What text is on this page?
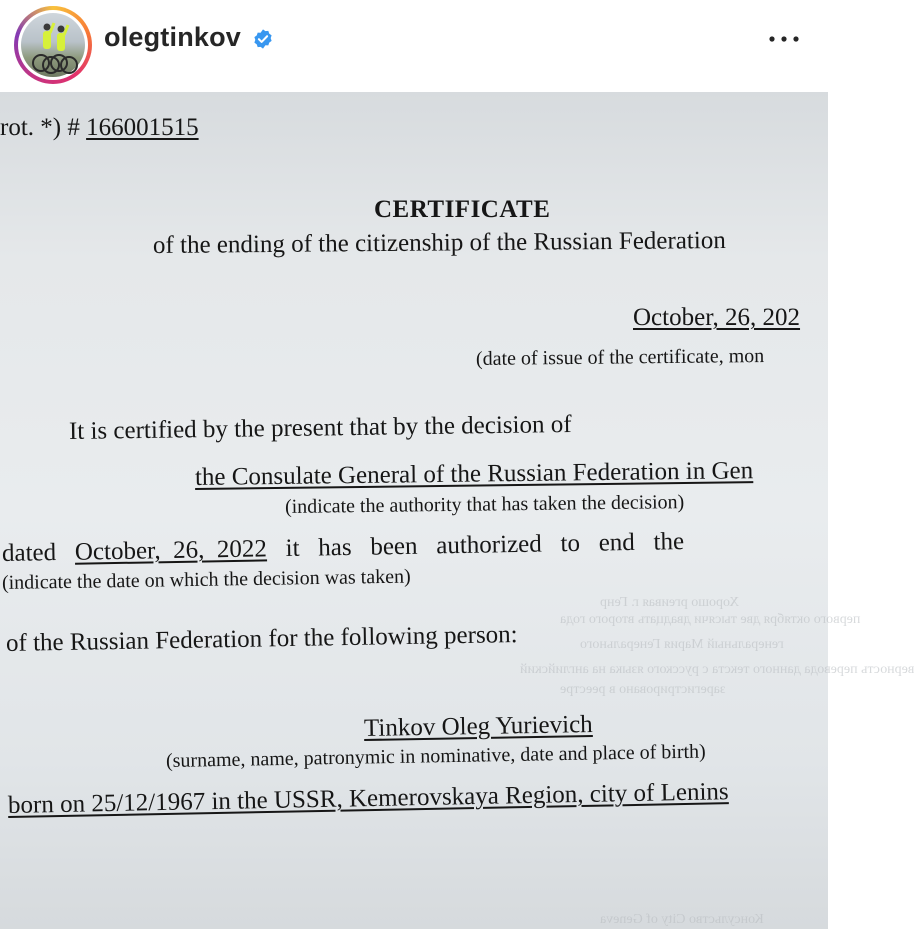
olegtinkov
Хорошо ргеивая г. Генр
первого октября две тысячи двадцать второго года
генеральный Мария Генерального
верность перевода данного текста с русского языка на английский
зарегистрировано в реестре
Консульство City of Geneva
rot. *) # 166001515
CERTIFICATE
of the ending of the citizenship of the Russian Federation
October, 26, 202
(date of issue of the certificate, mon
It is certified by the present that by the decision of
the Consulate General of the Russian Federation in Gen
(indicate the authority that has taken the decision)
dated October,  26,  2022 it   has   been   authorized   to   end   the
(indicate the date on which the decision was taken)
of the Russian Federation for the following person:
Tinkov Oleg Yurievich
(surname, name, patronymic in nominative, date and place of birth)
born on 25/12/1967 in the USSR, Kemerovskaya Region, city of Lenins
